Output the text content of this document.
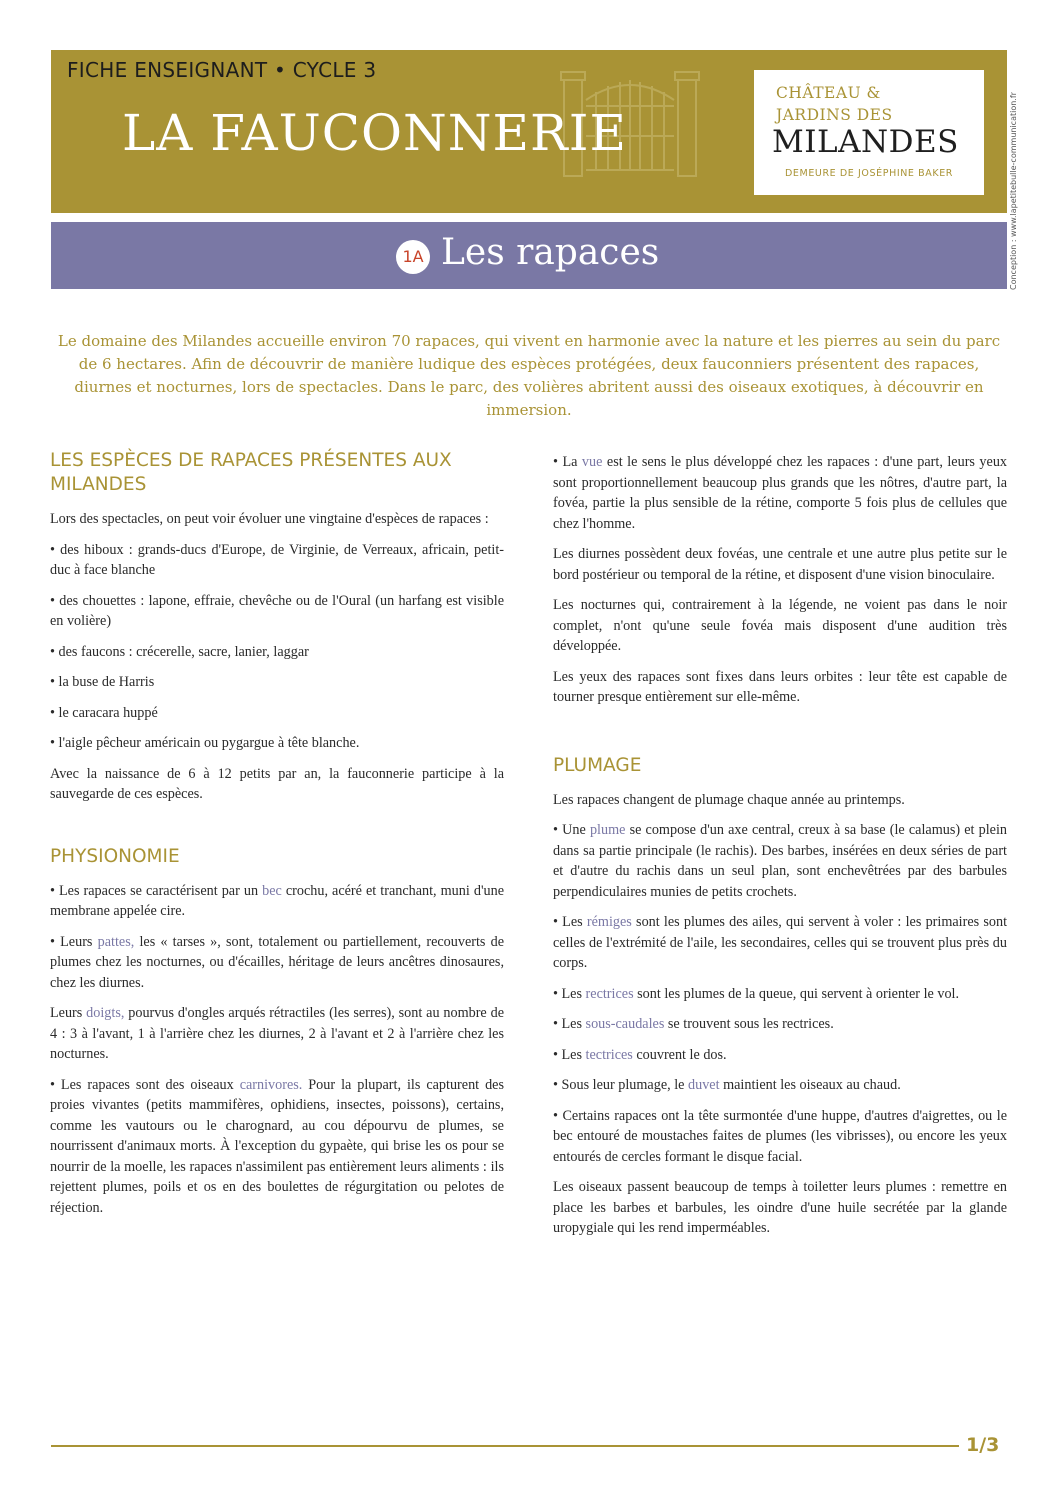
FICHE ENSEIGNANT • CYCLE 3
LA FAUCONNERIE
CHÂTEAU &
JARDINS DES
MILANDES
DEMEURE DE JOSÉPHINE BAKER	Conception : www.lapetitebulle-communication.fr
1A Les rapaces
Le domaine des Milandes accueille environ 70 rapaces, qui vivent en harmonie avec la nature et les pierres au sein du parc de 6 hectares. Afin de découvrir de manière ludique des espèces protégées, deux fauconniers présentent des rapaces, diurnes et nocturnes, lors de spectacles. Dans le parc, des volières abritent aussi des oiseaux exotiques, à découvrir en immersion.
LES ESPÈCES DE RAPACES PRÉSENTES AUX MILANDES

Lors des spectacles, on peut voir évoluer une vingtaine d'espèces de rapaces :

• des hiboux : grands-ducs d'Europe, de Virginie, de Verreaux, africain, petit-duc à face blanche

• des chouettes : lapone, effraie, chevêche ou de l'Oural (un harfang est visible en volière)

• des faucons : crécerelle, sacre, lanier, laggar

• la buse de Harris

• le caracara huppé

• l'aigle pêcheur américain ou pygargue à tête blanche.

Avec la naissance de 6 à 12 petits par an, la fauconnerie participe à la sauvegarde de ces espèces.

PHYSIONOMIE

• Les rapaces se caractérisent par un bec crochu, acéré et tranchant, muni d'une membrane appelée cire.

• Leurs pattes, les « tarses », sont, totalement ou partiellement, recouverts de plumes chez les nocturnes, ou d'écailles, héritage de leurs ancêtres dinosaures, chez les diurnes.

Leurs doigts, pourvus d'ongles arqués rétractiles (les serres), sont au nombre de 4 : 3 à l'avant, 1 à l'arrière chez les diurnes, 2 à l'avant et 2 à l'arrière chez les nocturnes.

• Les rapaces sont des oiseaux carnivores. Pour la plupart, ils capturent des proies vivantes (petits mammifères, ophidiens, insectes, poissons), certains, comme les vautours ou le charognard, au cou dépourvu de plumes, se nourrissent d'animaux morts. À l'exception du gypaète, qui brise les os pour se nourrir de la moelle, les rapaces n'assimilent pas entièrement leurs aliments : ils rejettent plumes, poils et os en des boulettes de régurgitation ou pelotes de réjection.

• La vue est le sens le plus développé chez les rapaces : d'une part, leurs yeux sont proportionnellement beaucoup plus grands que les nôtres, d'autre part, la fovéa, partie la plus sensible de la rétine, comporte 5 fois plus de cellules que chez l'homme.

Les diurnes possèdent deux fovéas, une centrale et une autre plus petite sur le bord postérieur ou temporal de la rétine, et disposent d'une vision binoculaire.

Les nocturnes qui, contrairement à la légende, ne voient pas dans le noir complet, n'ont qu'une seule fovéa mais disposent d'une audition très développée.

Les yeux des rapaces sont fixes dans leurs orbites : leur tête est capable de tourner presque entièrement sur elle-même.

PLUMAGE

Les rapaces changent de plumage chaque année au printemps.

• Une plume se compose d'un axe central, creux à sa base (le calamus) et plein dans sa partie principale (le rachis). Des barbes, insérées en deux séries de part et d'autre du rachis dans un seul plan, sont enchevêtrées par des barbules perpendiculaires munies de petits crochets.

• Les rémiges sont les plumes des ailes, qui servent à voler : les primaires sont celles de l'extrémité de l'aile, les secondaires, celles qui se trouvent plus près du corps.

• Les rectrices sont les plumes de la queue, qui servent à orienter le vol.

• Les sous-caudales se trouvent sous les rectrices.

• Les tectrices couvrent le dos.

• Sous leur plumage, le duvet maintient les oiseaux au chaud.

• Certains rapaces ont la tête surmontée d'une huppe, d'autres d'aigrettes, ou le bec entouré de moustaches faites de plumes (les vibrisses), ou encore les yeux entourés de cercles formant le disque facial.

Les oiseaux passent beaucoup de temps à toiletter leurs plumes : remettre en place les barbes et barbules, les oindre d'une huile secrétée par la glande uropygiale qui les rend imperméables.

1/3
